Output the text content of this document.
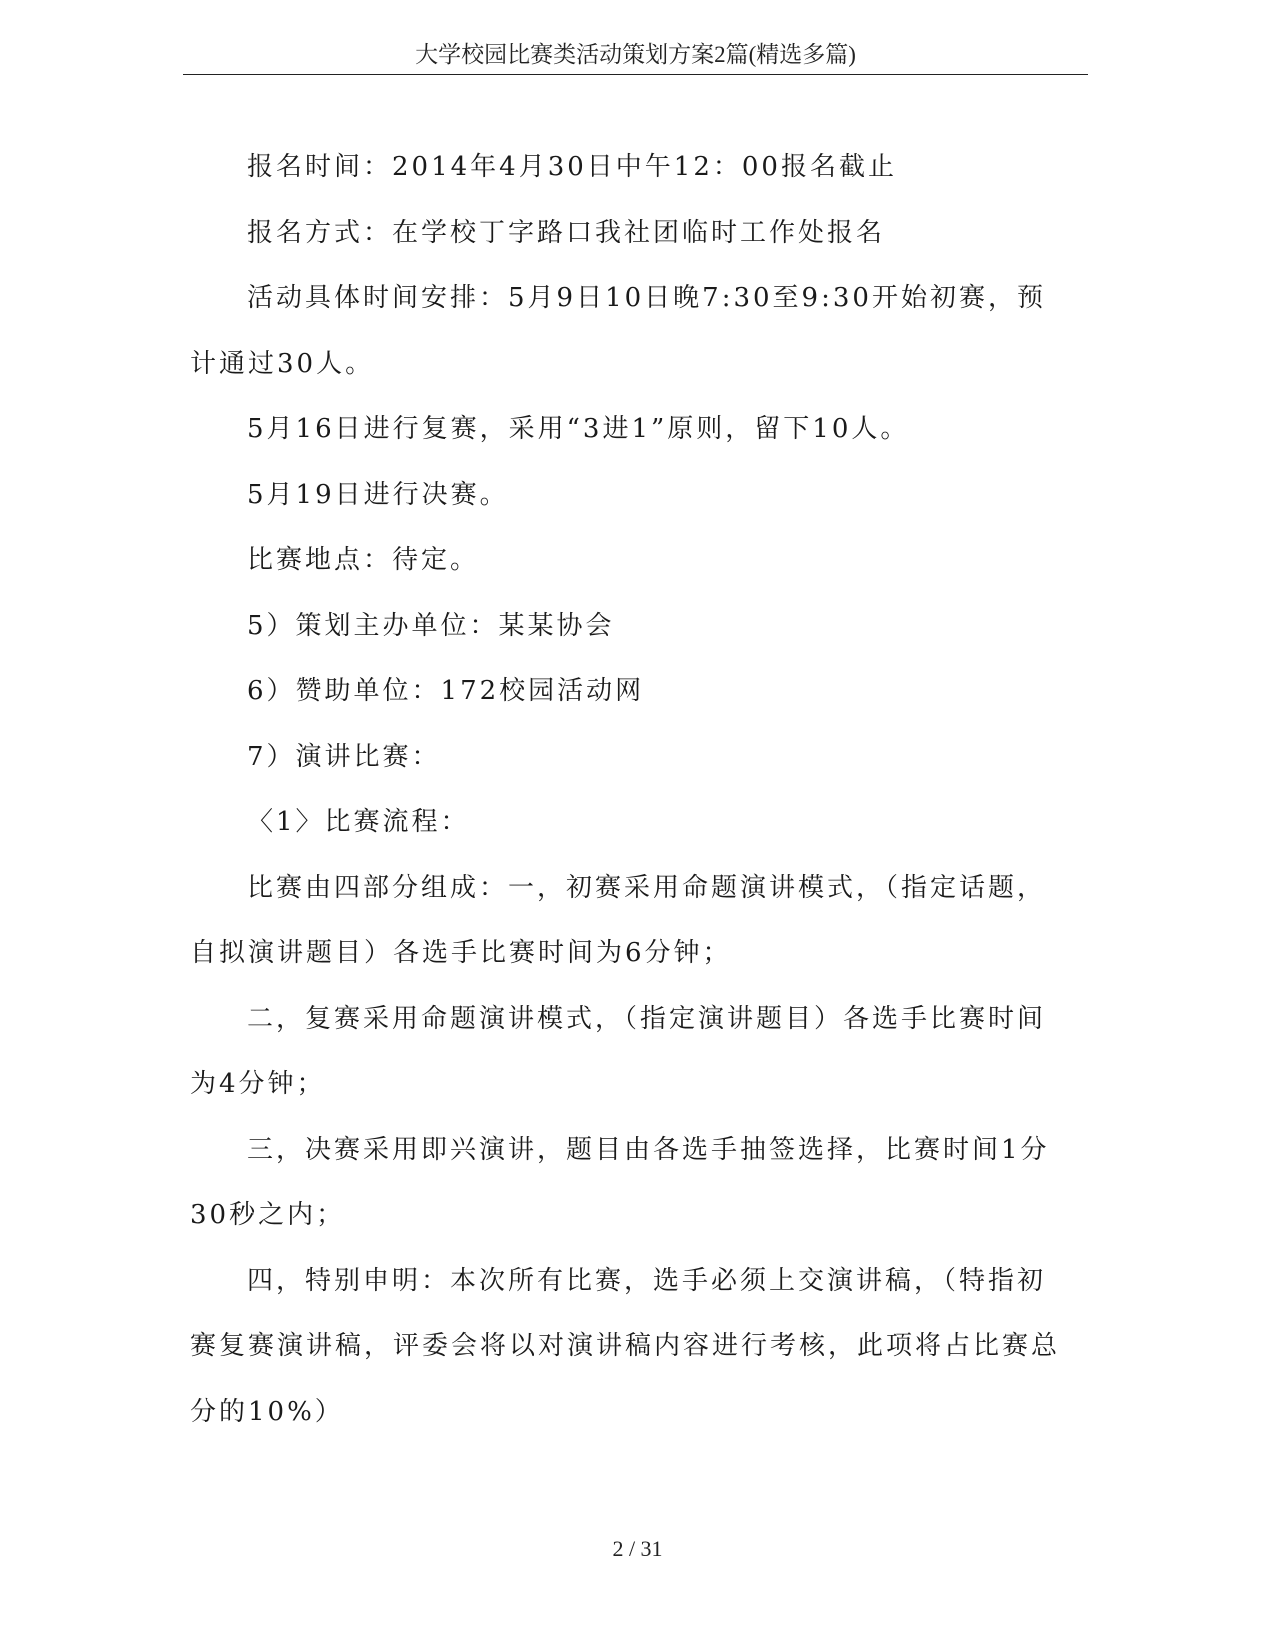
大学校园比赛类活动策划方案2篇(精选多篇)

报名时间：2014年4月30日中午12：00报名截止

报名方式：在学校丁字路口我社团临时工作处报名

活动具体时间安排：5月9日10日晚7:30至9:30开始初赛，预计通过30人。

5月16日进行复赛，采用“3进1”原则，留下10人。

5月19日进行决赛。

比赛地点：待定。

5）策划主办单位：某某协会

6）赞助单位：172校园活动网

7）演讲比赛：

〈1〉比赛流程：

比赛由四部分组成：一，初赛采用命题演讲模式，（指定话题，自拟演讲题目）各选手比赛时间为6分钟；

二，复赛采用命题演讲模式，（指定演讲题目）各选手比赛时间为4分钟；

三，决赛采用即兴演讲，题目由各选手抽签选择，比赛时间1分30秒之内；

四，特别申明：本次所有比赛，选手必须上交演讲稿，（特指初赛复赛演讲稿，评委会将以对演讲稿内容进行考核，此项将占比赛总分的10%）

2 / 31
